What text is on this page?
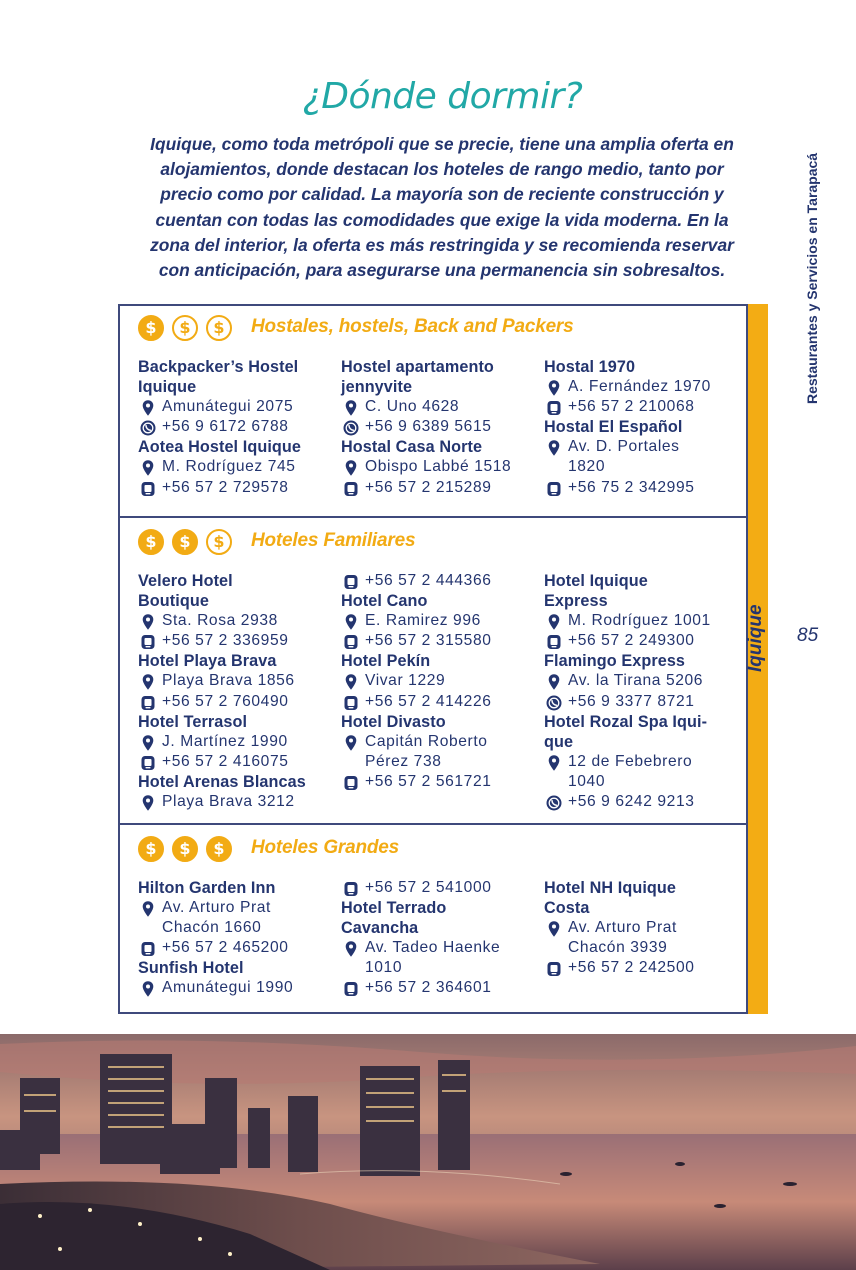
¿Dónde dormir?
Iquique, como toda metrópoli que se precie, tiene una amplia oferta en
alojamientos, donde destacan los hoteles de rango medio, tanto por
precio como por calidad. La mayoría son de reciente construcción y
cuentan con todas las comodidades que exige la vida moderna. En la
zona del interior, la oferta es más restringida y se recomienda reservar
con anticipación, para asegurarse una permanencia sin sobresaltos.	Restaurantes y Servicios en Tarapacá
85
Iquique
$	$	$	Hostales, hostels, Back and Packers
Backpacker’s Hostel
Iquique
Amunátegui 2075
+56 9 6172 6788
Aotea Hostel Iquique
M. Rodríguez 745
+56 57 2 729578
Hostel apartamento
jennyvite
C. Uno 4628
+56 9 6389 5615
Hostal Casa Norte
Obispo Labbé 1518
+56 57 2 215289
Hostal 1970
A. Fernández 1970
+56 57 2 210068
Hostal El Español
Av. D. Portales
1820
+56 75 2 342995
$	$	$	Hoteles Familiares
Velero Hotel
Boutique
Sta. Rosa 2938
+56 57 2 336959
Hotel Playa Brava
Playa Brava 1856
+56 57 2 760490
Hotel Terrasol
J. Martínez 1990
+56 57 2 416075
Hotel Arenas Blancas
Playa Brava 3212
+56 57 2 444366
Hotel Cano
E. Ramirez 996
+56 57 2 315580
Hotel Pekín
Vivar 1229
+56 57 2 414226
Hotel Divasto
Capitán Roberto
Pérez 738
+56 57 2 561721
Hotel Iquique
Express
M. Rodríguez 1001
+56 57 2 249300
Flamingo Express
Av. la Tirana 5206
+56 9 3377 8721
Hotel Rozal Spa Iqui-
que
12 de Febebrero
1040
+56 9 6242 9213
$	$	$	Hoteles Grandes
Hilton Garden Inn
Av. Arturo Prat
Chacón 1660
+56 57 2 465200
Sunfish Hotel
Amunátegui 1990
+56 57 2 541000
Hotel Terrado
Cavancha
Av. Tadeo Haenke
1010
+56 57 2 364601
Hotel NH Iquique
Costa
Av. Arturo Prat
Chacón 3939
+56 57 2 242500
